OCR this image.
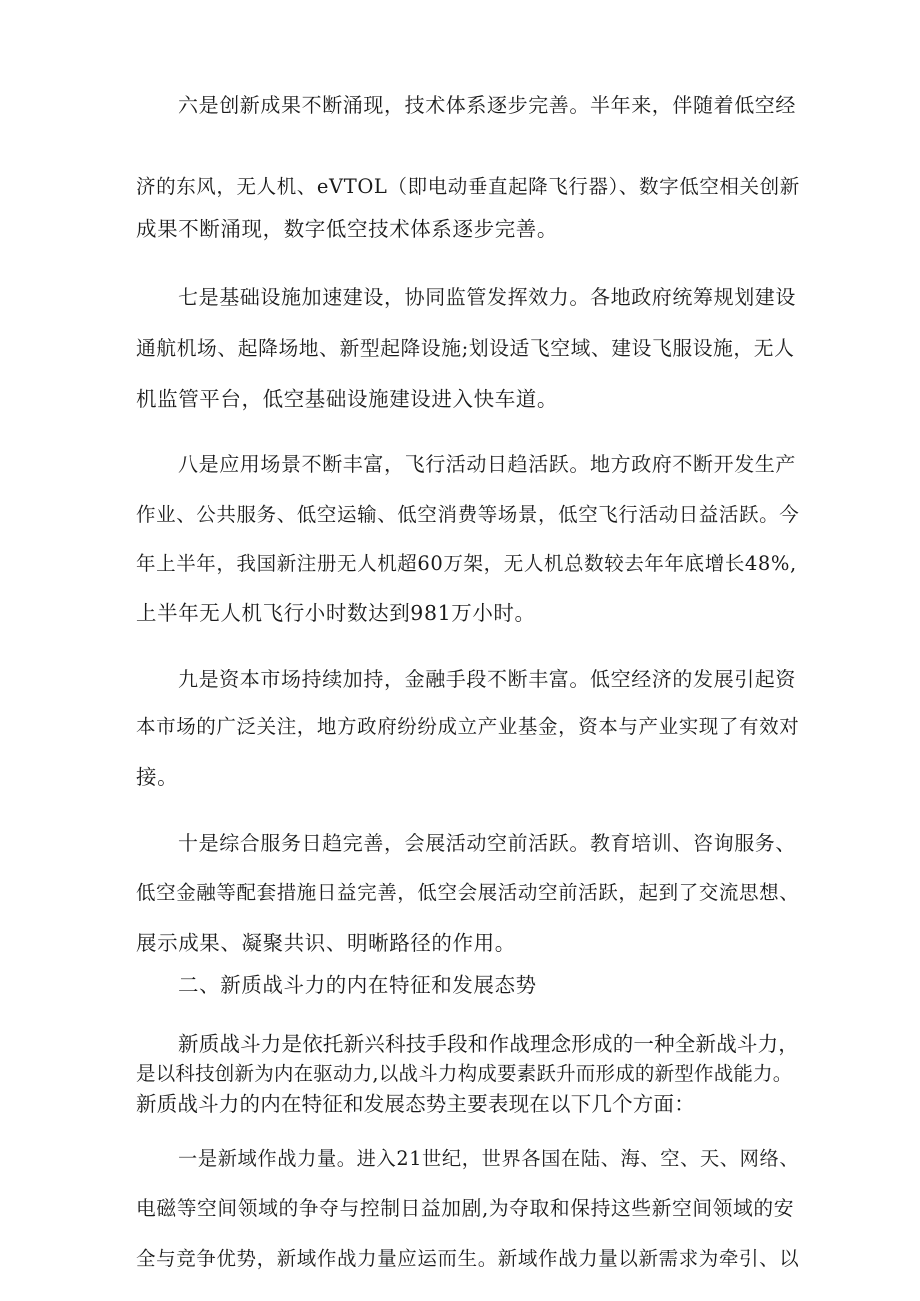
六是创新成果不断涌现，技术体系逐步完善。半年来，伴随着低空经
济的东风，无人机、eVTOL（即电动垂直起降飞行器）、数字低空相关创新
成果不断涌现，数字低空技术体系逐步完善。
七是基础设施加速建设，协同监管发挥效力。各地政府统筹规划建设
通航机场、起降场地、新型起降设施;划设适飞空域、建设飞服设施，无人
机监管平台，低空基础设施建设进入快车道。
八是应用场景不断丰富，飞行活动日趋活跃。地方政府不断开发生产
作业、公共服务、低空运输、低空消费等场景，低空飞行活动日益活跃。今
年上半年，我国新注册无人机超60万架，无人机总数较去年年底增长48%,
上半年无人机飞行小时数达到981万小时。
九是资本市场持续加持，金融手段不断丰富。低空经济的发展引起资
本市场的广泛关注，地方政府纷纷成立产业基金，资本与产业实现了有效对
接。
十是综合服务日趋完善，会展活动空前活跃。教育培训、咨询服务、
低空金融等配套措施日益完善，低空会展活动空前活跃，起到了交流思想、
展示成果、凝聚共识、明晰路径的作用。
二、新质战斗力的内在特征和发展态势
新质战斗力是依托新兴科技手段和作战理念形成的一种全新战斗力，
是以科技创新为内在驱动力,以战斗力构成要素跃升而形成的新型作战能力。
新质战斗力的内在特征和发展态势主要表现在以下几个方面：
一是新域作战力量。进入21世纪，世界各国在陆、海、空、天、网络、
电磁等空间领域的争夺与控制日益加剧,为夺取和保持这些新空间领域的安
全与竞争优势，新域作战力量应运而生。新域作战力量以新需求为牵引、以
